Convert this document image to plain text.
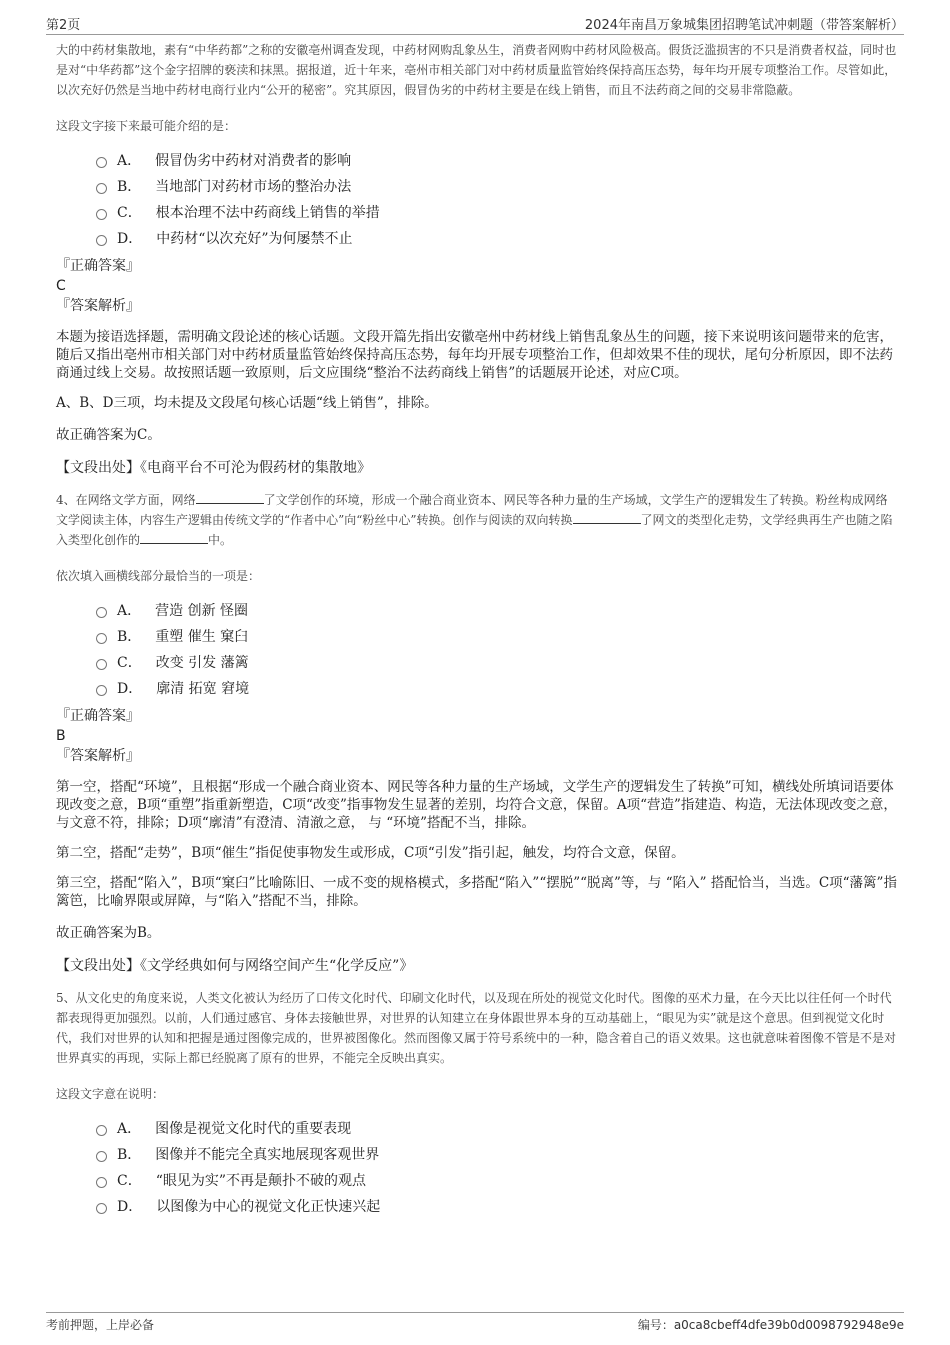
第2页	2024年南昌万象城集团招聘笔试冲刺题（带答案解析）

大的中药材集散地，素有“中华药都”之称的安徽亳州调查发现，中药材网购乱象丛生，消费者网购中药材风险极高。假货泛滥损害的不只是消费者权益，同时也是对“中华药都”这个金字招牌的亵渎和抹黑。据报道，近十年来，亳州市相关部门对中药材质量监管始终保持高压态势，每年均开展专项整治工作。尽管如此，以次充好仍然是当地中药材电商行业内“公开的秘密”。究其原因，假冒伪劣的中药材主要是在线上销售，而且不法药商之间的交易非常隐蔽。

这段文字接下来最可能介绍的是：
A． 假冒伪劣中药材对消费者的影响
B． 当地部门对药材市场的整治办法
C． 根本治理不法中药商线上销售的举措
D． 中药材“以次充好”为何屡禁不止
『正确答案』
C
『答案解析』

本题为接语选择题，需明确文段论述的核心话题。文段开篇先指出安徽亳州中药材线上销售乱象丛生的问题，接下来说明该问题带来的危害，随后又指出亳州市相关部门对中药材质量监管始终保持高压态势，每年均开展专项整治工作，但却效果不佳的现状，尾句分析原因，即不法药商通过线上交易。故按照话题一致原则，后文应围绕“整治不法药商线上销售”的话题展开论述，对应C项。

A、B、D三项，均未提及文段尾句核心话题“线上销售”，排除。

故正确答案为C。

【文段出处】《电商平台不可沦为假药材的集散地》

4、在网络文学方面，网络	了文学创作的环境，形成一个融合商业资本、网民等各种力量的生产场域，文学生产的逻辑发生了转换。粉丝构成网络文学阅读主体，内容生产逻辑由传统文学的“作者中心”向“粉丝中心”转换。创作与阅读的双向转换	了网文的类型化走势，文学经典再生产也随之陷入类型化创作的	中。

依次填入画横线部分最恰当的一项是：
A． 营造 创新 怪圈
B． 重塑 催生 窠臼
C． 改变 引发 藩篱
D． 廓清 拓宽 窘境
『正确答案』
B
『答案解析』

第一空，搭配“环境”，且根据“形成一个融合商业资本、网民等各种力量的生产场域，文学生产的逻辑发生了转换”可知，横线处所填词语要体现改变之意，B项“重塑”指重新塑造，C项“改变”指事物发生显著的差别，均符合文意，保留。A项“营造”指建造、构造，无法体现改变之意，与文意不符，排除；D项“廓清”有澄清、清澈之意， 与 “环境”搭配不当，排除。

第二空，搭配“走势”，B项“催生”指促使事物发生或形成，C项“引发”指引起，触发，均符合文意，保留。

第三空，搭配“陷入”，B项“窠臼”比喻陈旧、一成不变的规格模式，多搭配“陷入”“摆脱”“脱离”等，与 “陷入” 搭配恰当，当选。C项“藩篱”指篱笆，比喻界限或屏障，与“陷入”搭配不当，排除。

故正确答案为B。

【文段出处】《文学经典如何与网络空间产生“化学反应”》

5、从文化史的角度来说，人类文化被认为经历了口传文化时代、印刷文化时代，以及现在所处的视觉文化时代。图像的巫术力量，在今天比以往任何一个时代都表现得更加强烈。以前，人们通过感官、身体去接触世界，对世界的认知建立在身体跟世界本身的互动基础上，“眼见为实”就是这个意思。但到视觉文化时代，我们对世界的认知和把握是通过图像完成的，世界被图像化。然而图像又属于符号系统中的一种，隐含着自己的语义效果。这也就意味着图像不管是不是对世界真实的再现，实际上都已经脱离了原有的世界，不能完全反映出真实。

这段文字意在说明：
A． 图像是视觉文化时代的重要表现
B． 图像并不能完全真实地展现客观世界
C． “眼见为实”不再是颠扑不破的观点
D． 以图像为中心的视觉文化正快速兴起
考前押题，上岸必备	编号：a0ca8cbeff4dfe39b0d0098792948e9e
